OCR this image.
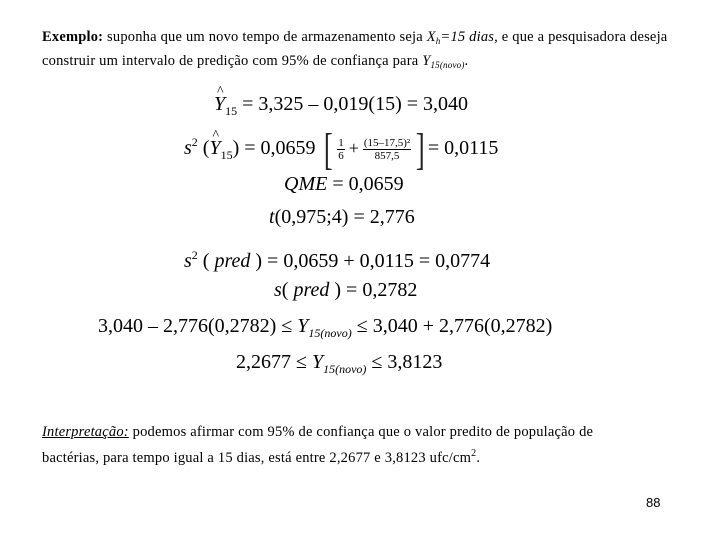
Exemplo: suponha que um novo tempo de armazenamento seja $X_h=15$ dias, e que a pesquisadora deseja construir um intervalo de predição com 95% de confiança para $Y_{15(novo)}$.
^ $Y_{15} = 3,325 - 0,019(15) = 3,040$
$s^2$ (^ $Y_{15}) = 0,0659$ [ $\frac{1}{6} + \frac{\text{(15–17,5)²}}{857,5}$ ] = 0,0115
QME = 0,0659
t(0,975;4) = 2,776
$s^2$ ( pred ) = 0,0659 + 0,0115 = 0,0774
s( pred ) = 0,2782
$3,040 - 2,776(0,2782) \le Y_{15(novo)} \le 3,040 + 2,776(0,2782)$
$2,2677 \le Y_{15(novo)} \le 3,8123$
Interpretação: podemos afirmar com 95% de confiança que o valor predito de população de bactérias, para tempo igual a 15 dias, está entre 2,2677 e 3,8123 ufc/$cm^2$.
88
